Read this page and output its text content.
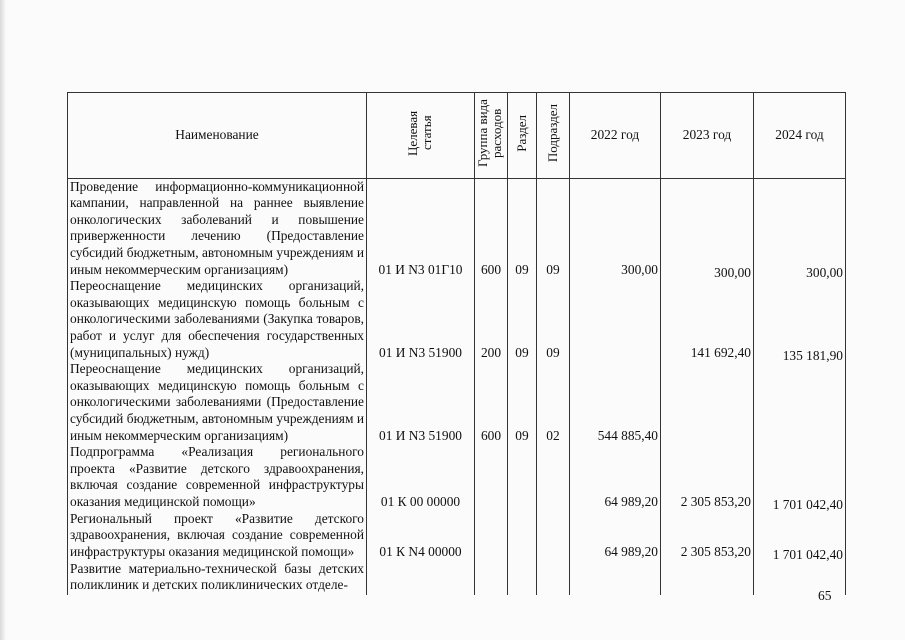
Наименование	Целевая статья	Группа вида расходов	Раздел	Подраздел	2022 год	2023 год	2024 год
Проведение информационно-коммуникационной кампании, направленной на раннее выявление онкологических заболеваний и повышение приверженности лечению (Предоставление субсидий бюджетным, автономным учреждениям и иным некоммерческим организациям)	01 И N3 01Г10	600	09	09	300,00	300,00	300,00
Переоснащение медицинских организаций, оказывающих медицинскую помощь больным с онкологическими заболеваниями (Закупка товаров, работ и услуг для обеспечения государственных (муниципальных) нужд)	01 И N3 51900	200	09	09		141 692,40	135 181,90
Переоснащение медицинских организаций, оказывающих медицинскую помощь больным с онкологическими заболеваниями (Предоставление субсидий бюджетным, автономным учреждениям и иным некоммерческим организациям)	01 И N3 51900	600	09	02	544 885,40		
Подпрограмма «Реализация регионального проекта «Развитие детского здравоохранения, включая создание современной инфраструктуры оказания медицинской помощи»	01 К 00 00000				64 989,20	2 305 853,20	1 701 042,40
Региональный проект «Развитие детского здравоохранения, включая создание современной инфраструктуры оказания медицинской помощи»	01 К N4 00000				64 989,20	2 305 853,20	1 701 042,40
Развитие материально-технической базы детских поликлиник и детских поликлинических отделе-							
65
